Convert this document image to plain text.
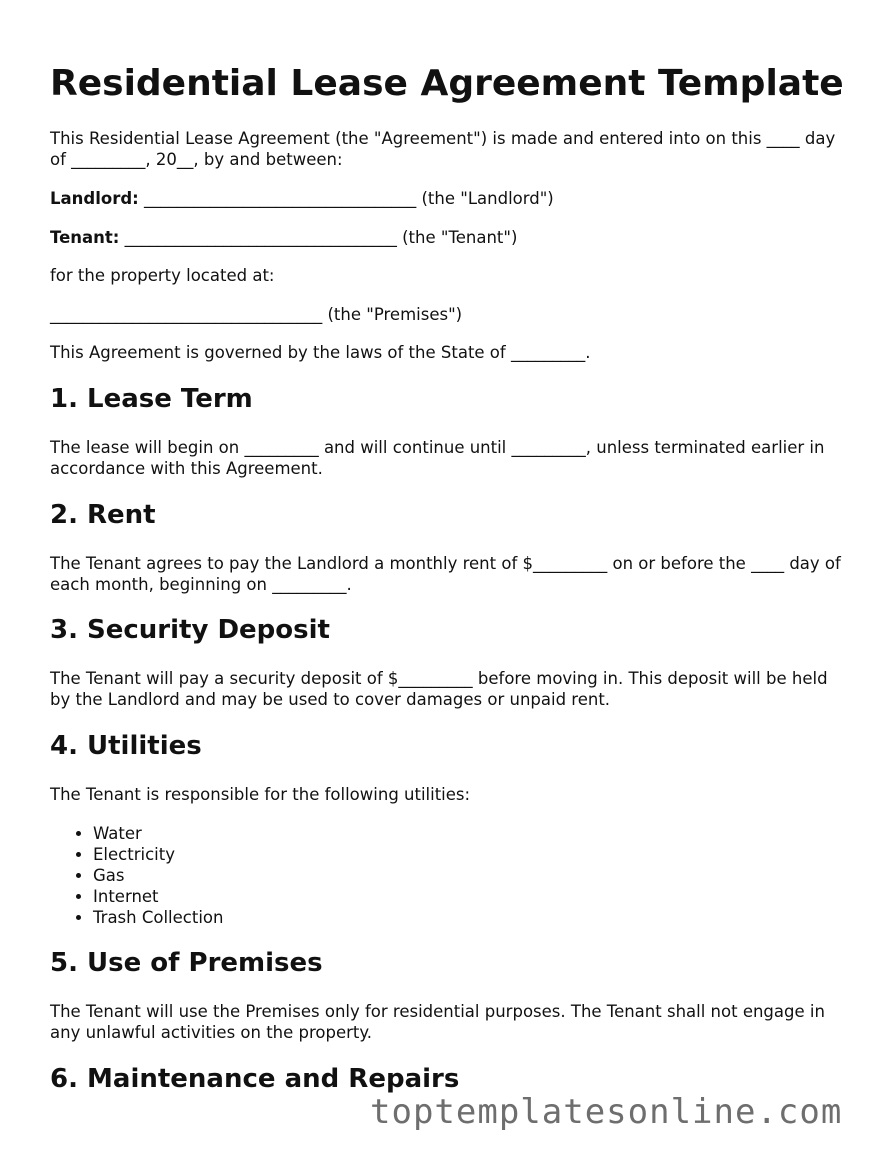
Residential Lease Agreement Template

This Residential Lease Agreement (the "Agreement") is made and entered into on this ____ day of _________, 20__, by and between:

Landlord: _________________________________ (the "Landlord")

Tenant: _________________________________ (the "Tenant")

for the property located at:

_________________________________ (the "Premises")

This Agreement is governed by the laws of the State of _________.

1. Lease Term

The lease will begin on _________ and will continue until _________, unless terminated earlier in accordance with this Agreement.

2. Rent

The Tenant agrees to pay the Landlord a monthly rent of $_________ on or before the ____ day of each month, beginning on _________.

3. Security Deposit

The Tenant will pay a security deposit of $_________ before moving in. This deposit will be held by the Landlord and may be used to cover damages or unpaid rent.

4. Utilities

The Tenant is responsible for the following utilities:

• Water
• Electricity
• Gas
• Internet
• Trash Collection
5. Use of Premises

The Tenant will use the Premises only for residential purposes. The Tenant shall not engage in any unlawful activities on the property.

6. Maintenance and Repairs
toptemplatesonline.com
